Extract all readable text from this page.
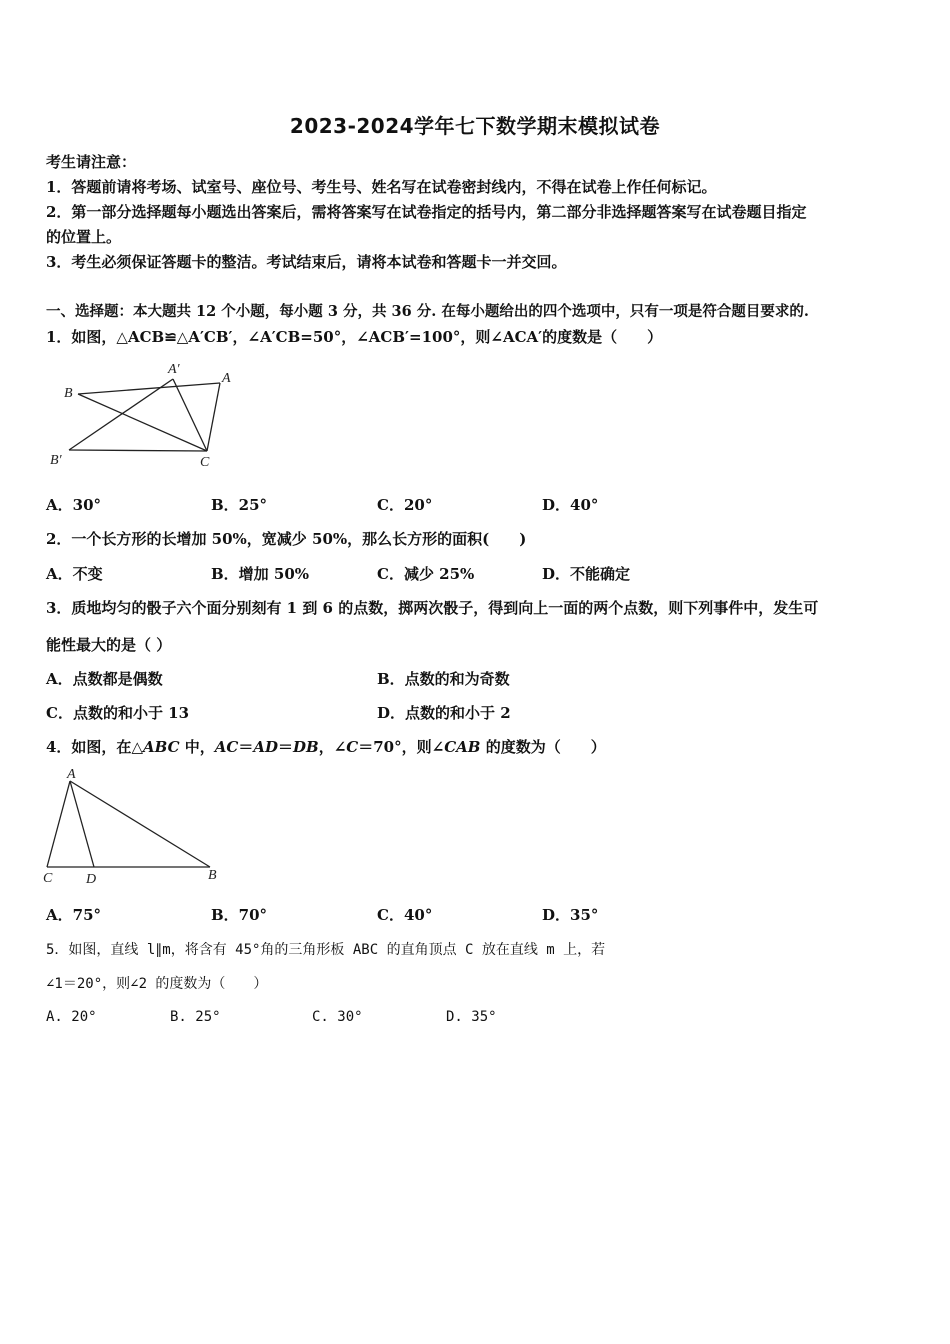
2023-2024学年七下数学期末模拟试卷
考生请注意：
1．答题前请将考场、试室号、座位号、考生号、姓名写在试卷密封线内，不得在试卷上作任何标记。
2．第一部分选择题每小题选出答案后，需将答案写在试卷指定的括号内，第二部分非选择题答案写在试卷题目指定
的位置上。
3．考生必须保证答题卡的整洁。考试结束后，请将本试卷和答题卡一并交回。
一、选择题：本大题共 12 个小题，每小题 3 分，共 36 分. 在每小题给出的四个选项中，只有一项是符合题目要求的.
1．如图，△ACB≌△A′CB′，∠A′CB=50°，∠ACB′=100°，则∠ACA′的度数是（　　）
B
A′
A
B′	C
A．30°	B．25°	C．20°	D．40°
2．一个长方形的长增加 50%，宽减少 50%，那么长方形的面积(　　)
A．不变	B．增加 50%	C．减少 25%	D．不能确定
3．质地均匀的骰子六个面分别刻有 1 到 6 的点数，掷两次骰子，得到向上一面的两个点数，则下列事件中，发生可
能性最大的是（ ）
A．点数都是偶数	B．点数的和为奇数
C．点数的和小于 13	D．点数的和小于 2
4．如图，在△ABC 中，AC＝AD＝DB，∠C＝70°，则∠CAB 的度数为（　　）
A
C D	B
A．75°	B．70°	C．40°	D．35°
5．如图，直线 l∥m，将含有 45°角的三角形板 ABC 的直角顶点 C 放在直线 m 上，若
∠1＝20°，则∠2 的度数为（　　）
A. 20°	B. 25°	C. 30°	D. 35°
